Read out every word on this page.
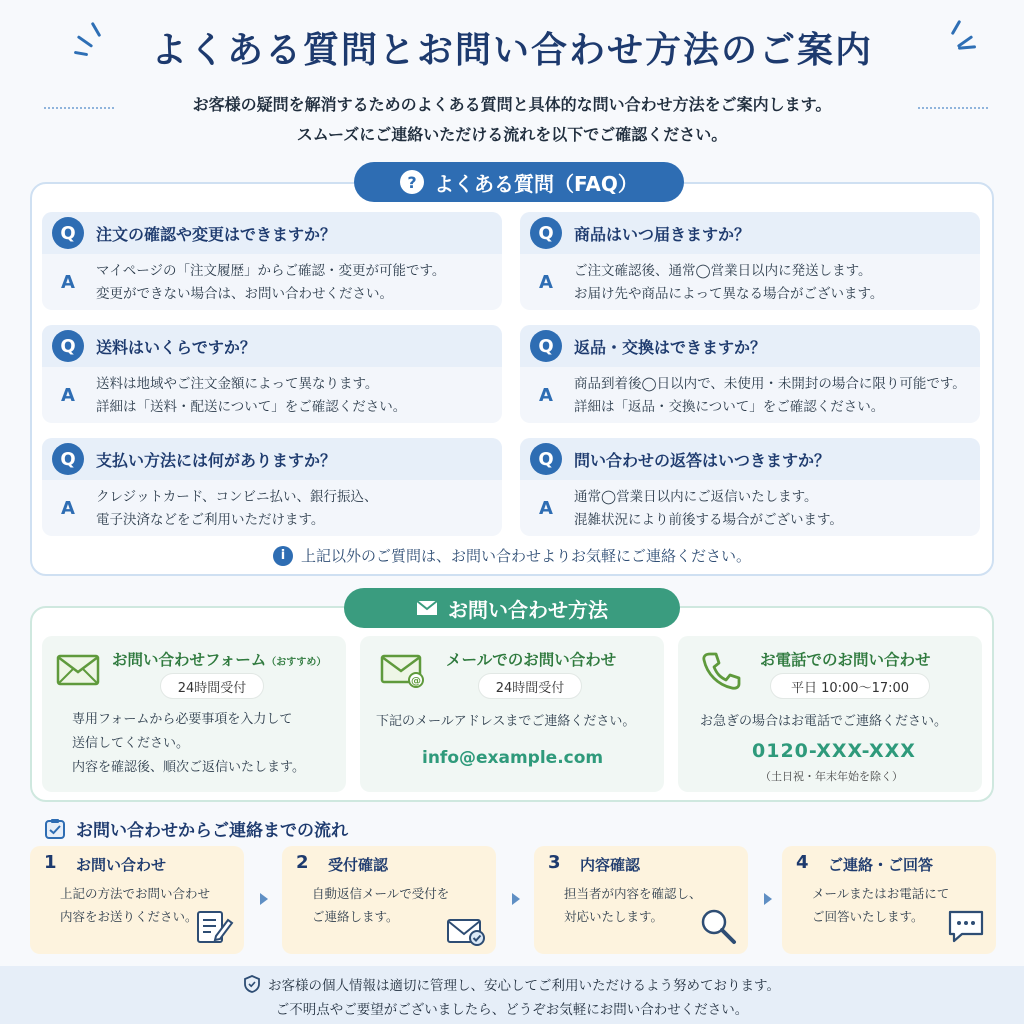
よくある質問とお問い合わせ方法のご案内
お客様の疑問を解消するためのよくある質問と具体的な問い合わせ方法をご案内します。
スムーズにご連絡いただける流れを以下でご確認ください。
? よくある質問（FAQ）
Q	注文の確認や変更はできますか？
A
マイページの「注文履歴」からご確認・変更が可能です。
変更ができない場合は、お問い合わせください。
Q	商品はいつ届きますか？
A
ご注文確認後、通常◯営業日以内に発送します。
お届け先や商品によって異なる場合がございます。
Q	送料はいくらですか？
A
送料は地域やご注文金額によって異なります。
詳細は「送料・配送について」をご確認ください。
Q	返品・交換はできますか？
A
商品到着後◯日以内で、未使用・未開封の場合に限り可能です。
詳細は「返品・交換について」をご確認ください。
Q	支払い方法には何がありますか？
A
クレジットカード、コンビニ払い、銀行振込、
電子決済などをご利用いただけます。
Q	問い合わせの返答はいつきますか？
A
通常◯営業日以内にご返信いたします。
混雑状況により前後する場合がございます。
i	上記以外のご質問は、お問い合わせよりお気軽にご連絡ください。
お問い合わせ方法
お問い合わせフォーム（おすすめ）
24時間受付
専用フォームから必要事項を入力して
送信してください。
内容を確認後、順次ご返信いたします。
@
メールでのお問い合わせ
24時間受付
下記のメールアドレスまでご連絡ください。
info@example.com
お電話でのお問い合わせ
平日 10:00〜17:00
お急ぎの場合はお電話でご連絡ください。
0120-XXX-XXX
（土日祝・年末年始を除く）
お問い合わせからご連絡までの流れ
1 お問い合わせ
上記の方法でお問い合わせ
内容をお送りください。
2 受付確認
自動返信メールで受付を
ご連絡します。
3 内容確認
担当者が内容を確認し、
対応いたします。
4 ご連絡・ご回答
メールまたはお電話にて
ご回答いたします。
お客様の個人情報は適切に管理し、安心してご利用いただけるよう努めております。
ご不明点やご要望がございましたら、どうぞお気軽にお問い合わせください。
